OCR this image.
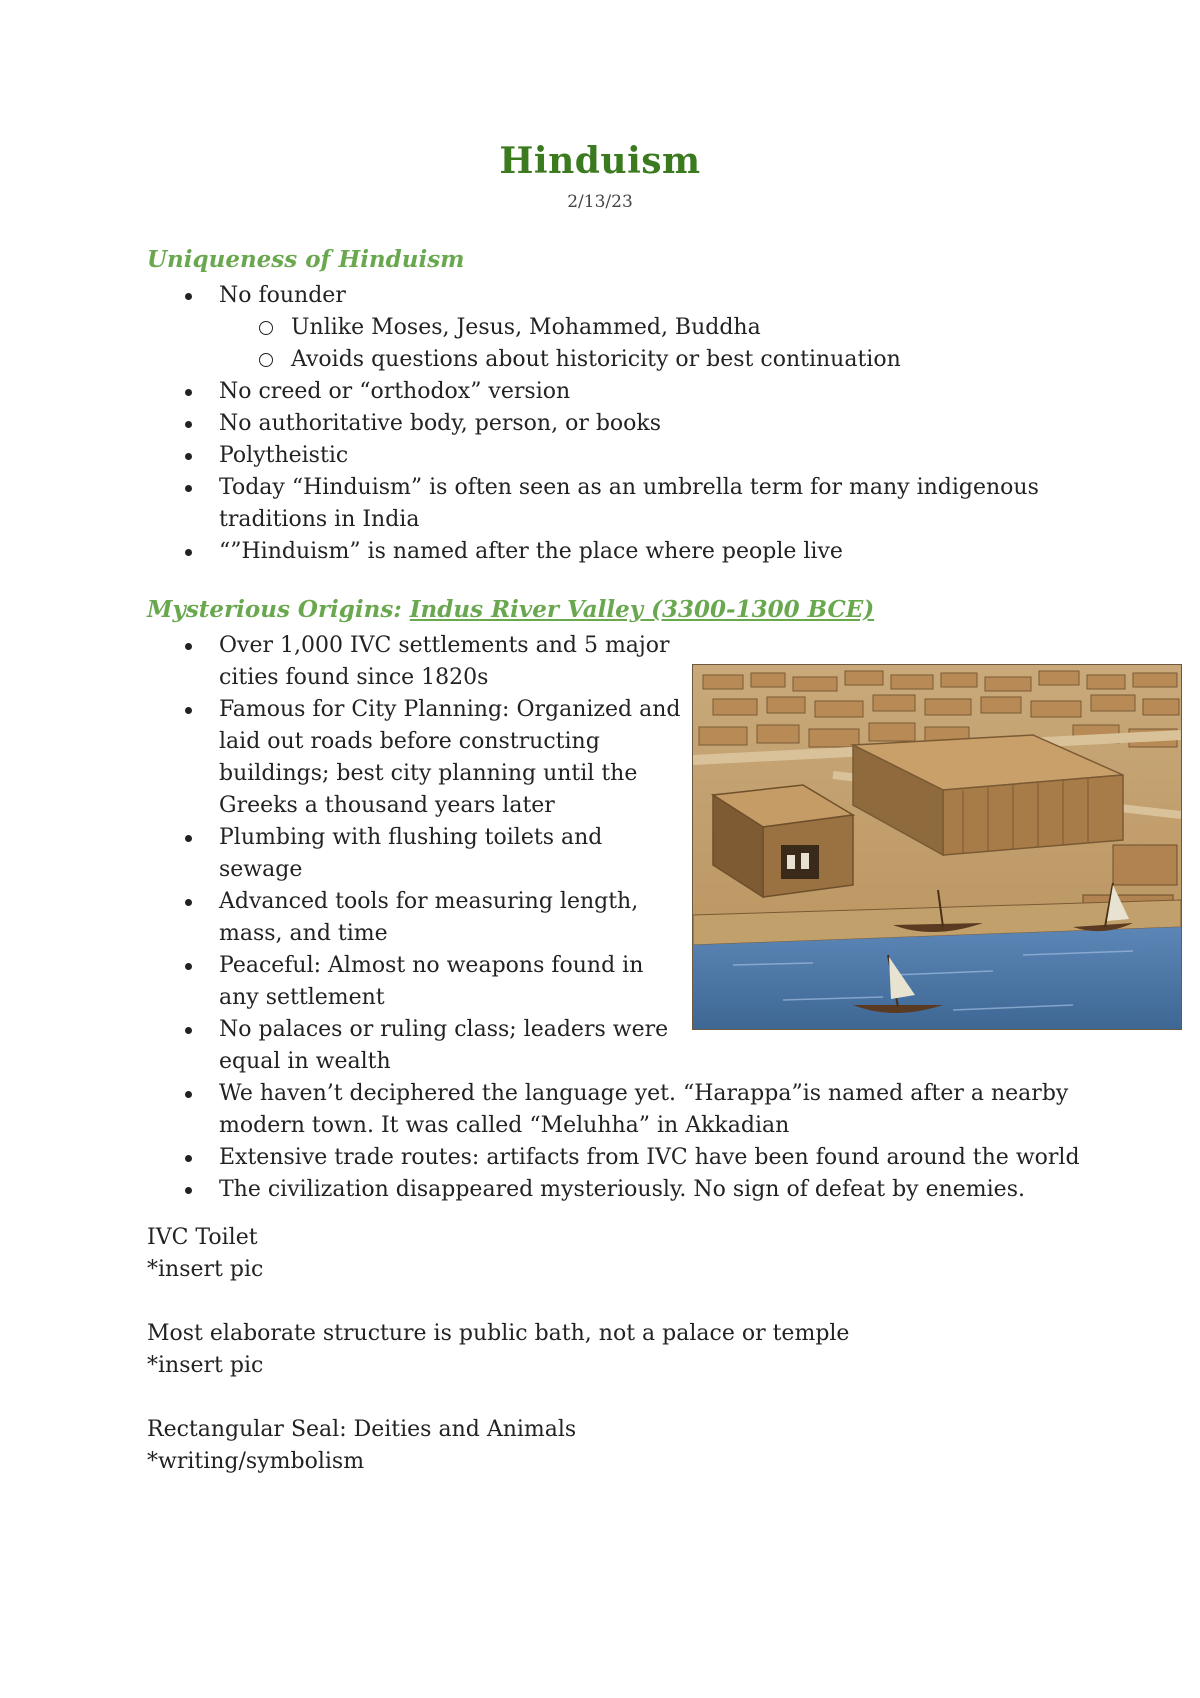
Hinduism
2/13/23
Uniqueness of Hinduism
No founder
Unlike Moses, Jesus, Mohammed, Buddha
Avoids questions about historicity or best continuation
No creed or “orthodox” version
No authoritative body, person, or books
Polytheistic
Today “Hinduism” is often seen as an umbrella term for many indigenous
traditions in India
“”Hinduism” is named after the place where people live
Mysterious Origins: Indus River Valley (3300-1300 BCE)
Over 1,000 IVC settlements and 5 major
cities found since 1820s
Famous for City Planning: Organized and
laid out roads before constructing
buildings; best city planning until the
Greeks a thousand years later
Plumbing with flushing toilets and
sewage
Advanced tools for measuring length,
mass, and time
Peaceful: Almost no weapons found in
any settlement
No palaces or ruling class; leaders were
equal in wealth
We haven’t deciphered the language yet. “Harappa”is named after a nearby
modern town. It was called “Meluhha” in Akkadian
Extensive trade routes: artifacts from IVC have been found around the world
The civilization disappeared mysteriously. No sign of defeat by enemies.
IVC Toilet
*insert pic
Most elaborate structure is public bath, not a palace or temple
*insert pic
Rectangular Seal: Deities and Animals
*writing/symbolism
